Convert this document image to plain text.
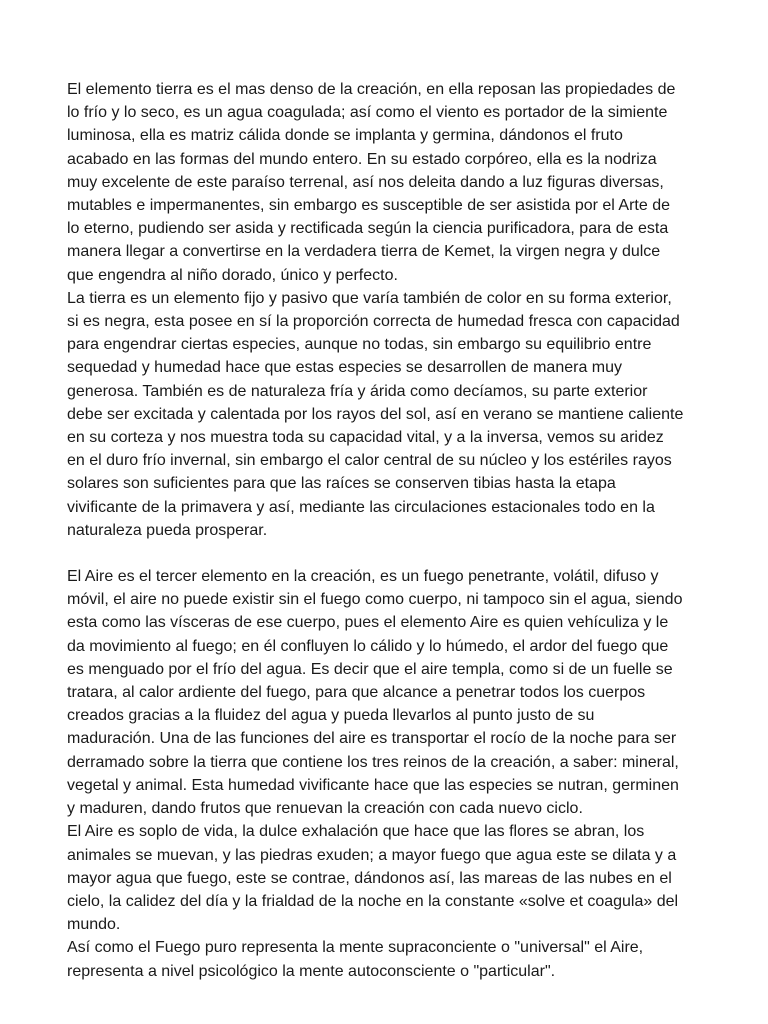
El elemento tierra es el mas denso de la creación, en ella reposan las propiedades de
lo frío y lo seco, es un agua coagulada; así como el viento es portador de la simiente
luminosa, ella es matriz cálida donde se implanta y germina, dándonos el fruto
acabado en las formas del mundo entero. En su estado corpóreo, ella es la nodriza
muy excelente de este paraíso terrenal, así nos deleita dando a luz figuras diversas,
mutables e impermanentes, sin embargo es susceptible de ser asistida por el Arte de
lo eterno, pudiendo ser asida y rectificada según la ciencia purificadora, para de esta
manera llegar a convertirse en la verdadera tierra de Kemet, la virgen negra y dulce
que engendra al niño dorado, único y perfecto.

La tierra es un elemento fijo y pasivo que varía también de color en su forma exterior,
si es negra, esta posee en sí la proporción correcta de humedad fresca con capacidad
para engendrar ciertas especies, aunque no todas, sin embargo su equilibrio entre
sequedad y humedad hace que estas especies se desarrollen de manera muy
generosa. También es de naturaleza fría y árida como decíamos, su parte exterior
debe ser excitada y calentada por los rayos del sol, así en verano se mantiene caliente
en su corteza y nos muestra toda su capacidad vital, y a la inversa, vemos su aridez
en el duro frío invernal, sin embargo el calor central de su núcleo y los estériles rayos
solares son suficientes para que las raíces se conserven tibias hasta la etapa
vivificante de la primavera y así, mediante las circulaciones estacionales todo en la
naturaleza pueda prosperar.

El Aire es el tercer elemento en la creación, es un fuego penetrante, volátil, difuso y
móvil, el aire no puede existir sin el fuego como cuerpo, ni tampoco sin el agua, siendo
esta como las vísceras de ese cuerpo, pues el elemento Aire es quien vehículiza y le
da movimiento al fuego; en él confluyen lo cálido y lo húmedo, el ardor del fuego que
es menguado por el frío del agua. Es decir que el aire templa, como si de un fuelle se
tratara, al calor ardiente del fuego, para que alcance a penetrar todos los cuerpos
creados gracias a la fluidez del agua y pueda llevarlos al punto justo de su
maduración. Una de las funciones del aire es transportar el rocío de la noche para ser
derramado sobre la tierra que contiene los tres reinos de la creación, a saber: mineral,
vegetal y animal. Esta humedad vivificante hace que las especies se nutran, germinen
y maduren, dando frutos que renuevan la creación con cada nuevo ciclo.

El Aire es soplo de vida, la dulce exhalación que hace que las flores se abran, los
animales se muevan, y las piedras exuden; a mayor fuego que agua este se dilata y a
mayor agua que fuego, este se contrae, dándonos así, las mareas de las nubes en el
cielo, la calidez del día y la frialdad de la noche en la constante «solve et coagula» del
mundo.

Así como el Fuego puro representa la mente supraconciente o "universal" el Aire,
representa a nivel psicológico la mente autoconsciente o "particular".
